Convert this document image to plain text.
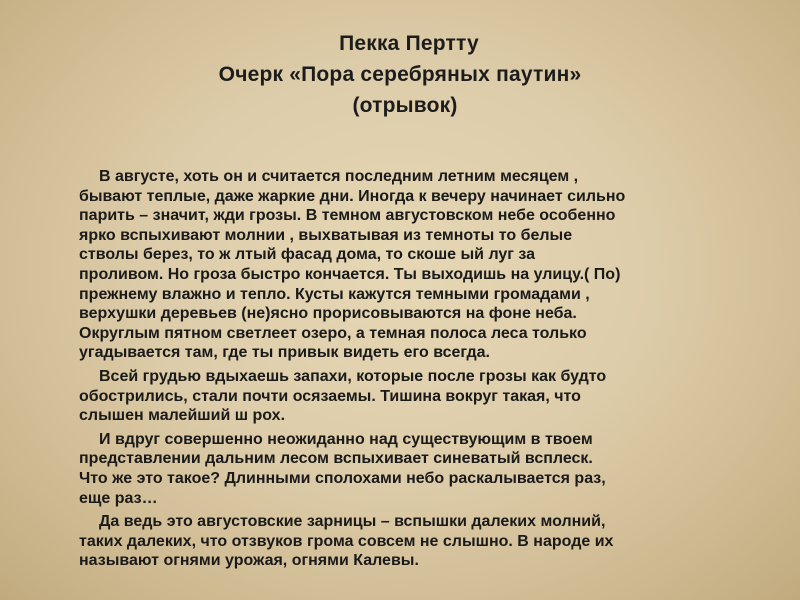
Пекка Пертту
Очерк «Пора серебряных паутин»
(отрывок)
В августе, хоть он и считается последним летним месяцем ,
бывают теплые, даже жаркие дни. Иногда к вечеру начинает сильно
парить – значит, жди грозы. В темном августовском небе особенно
ярко вспыхивают молнии , выхватывая из темноты то белые
стволы берез, то ж лтый фасад дома, то скоше ый луг за
проливом. Но гроза быстро кончается. Ты выходишь на улицу.( По)
прежнему влажно и тепло. Кусты кажутся темными громадами ,
верхушки деревьев (не)ясно прорисовываются на фоне неба.
Округлым пятном светлеет озеро, а темная полоса леса только
угадывается там, где ты привык видеть его всегда.
Всей грудью вдыхаешь запахи, которые после грозы как будто
обострились, стали почти осязаемы. Тишина вокруг такая, что
слышен малейший ш рох.
И вдруг совершенно неожиданно над существующим в твоем
представлении дальним лесом вспыхивает синеватый всплеск.
Что же это такое? Длинными сполохами небо раскалывается раз,
еще раз…
Да ведь это августовские зарницы – вспышки далеких молний,
таких далеких, что отзвуков грома совсем не слышно. В народе их
называют огнями урожая, огнями Калевы.
